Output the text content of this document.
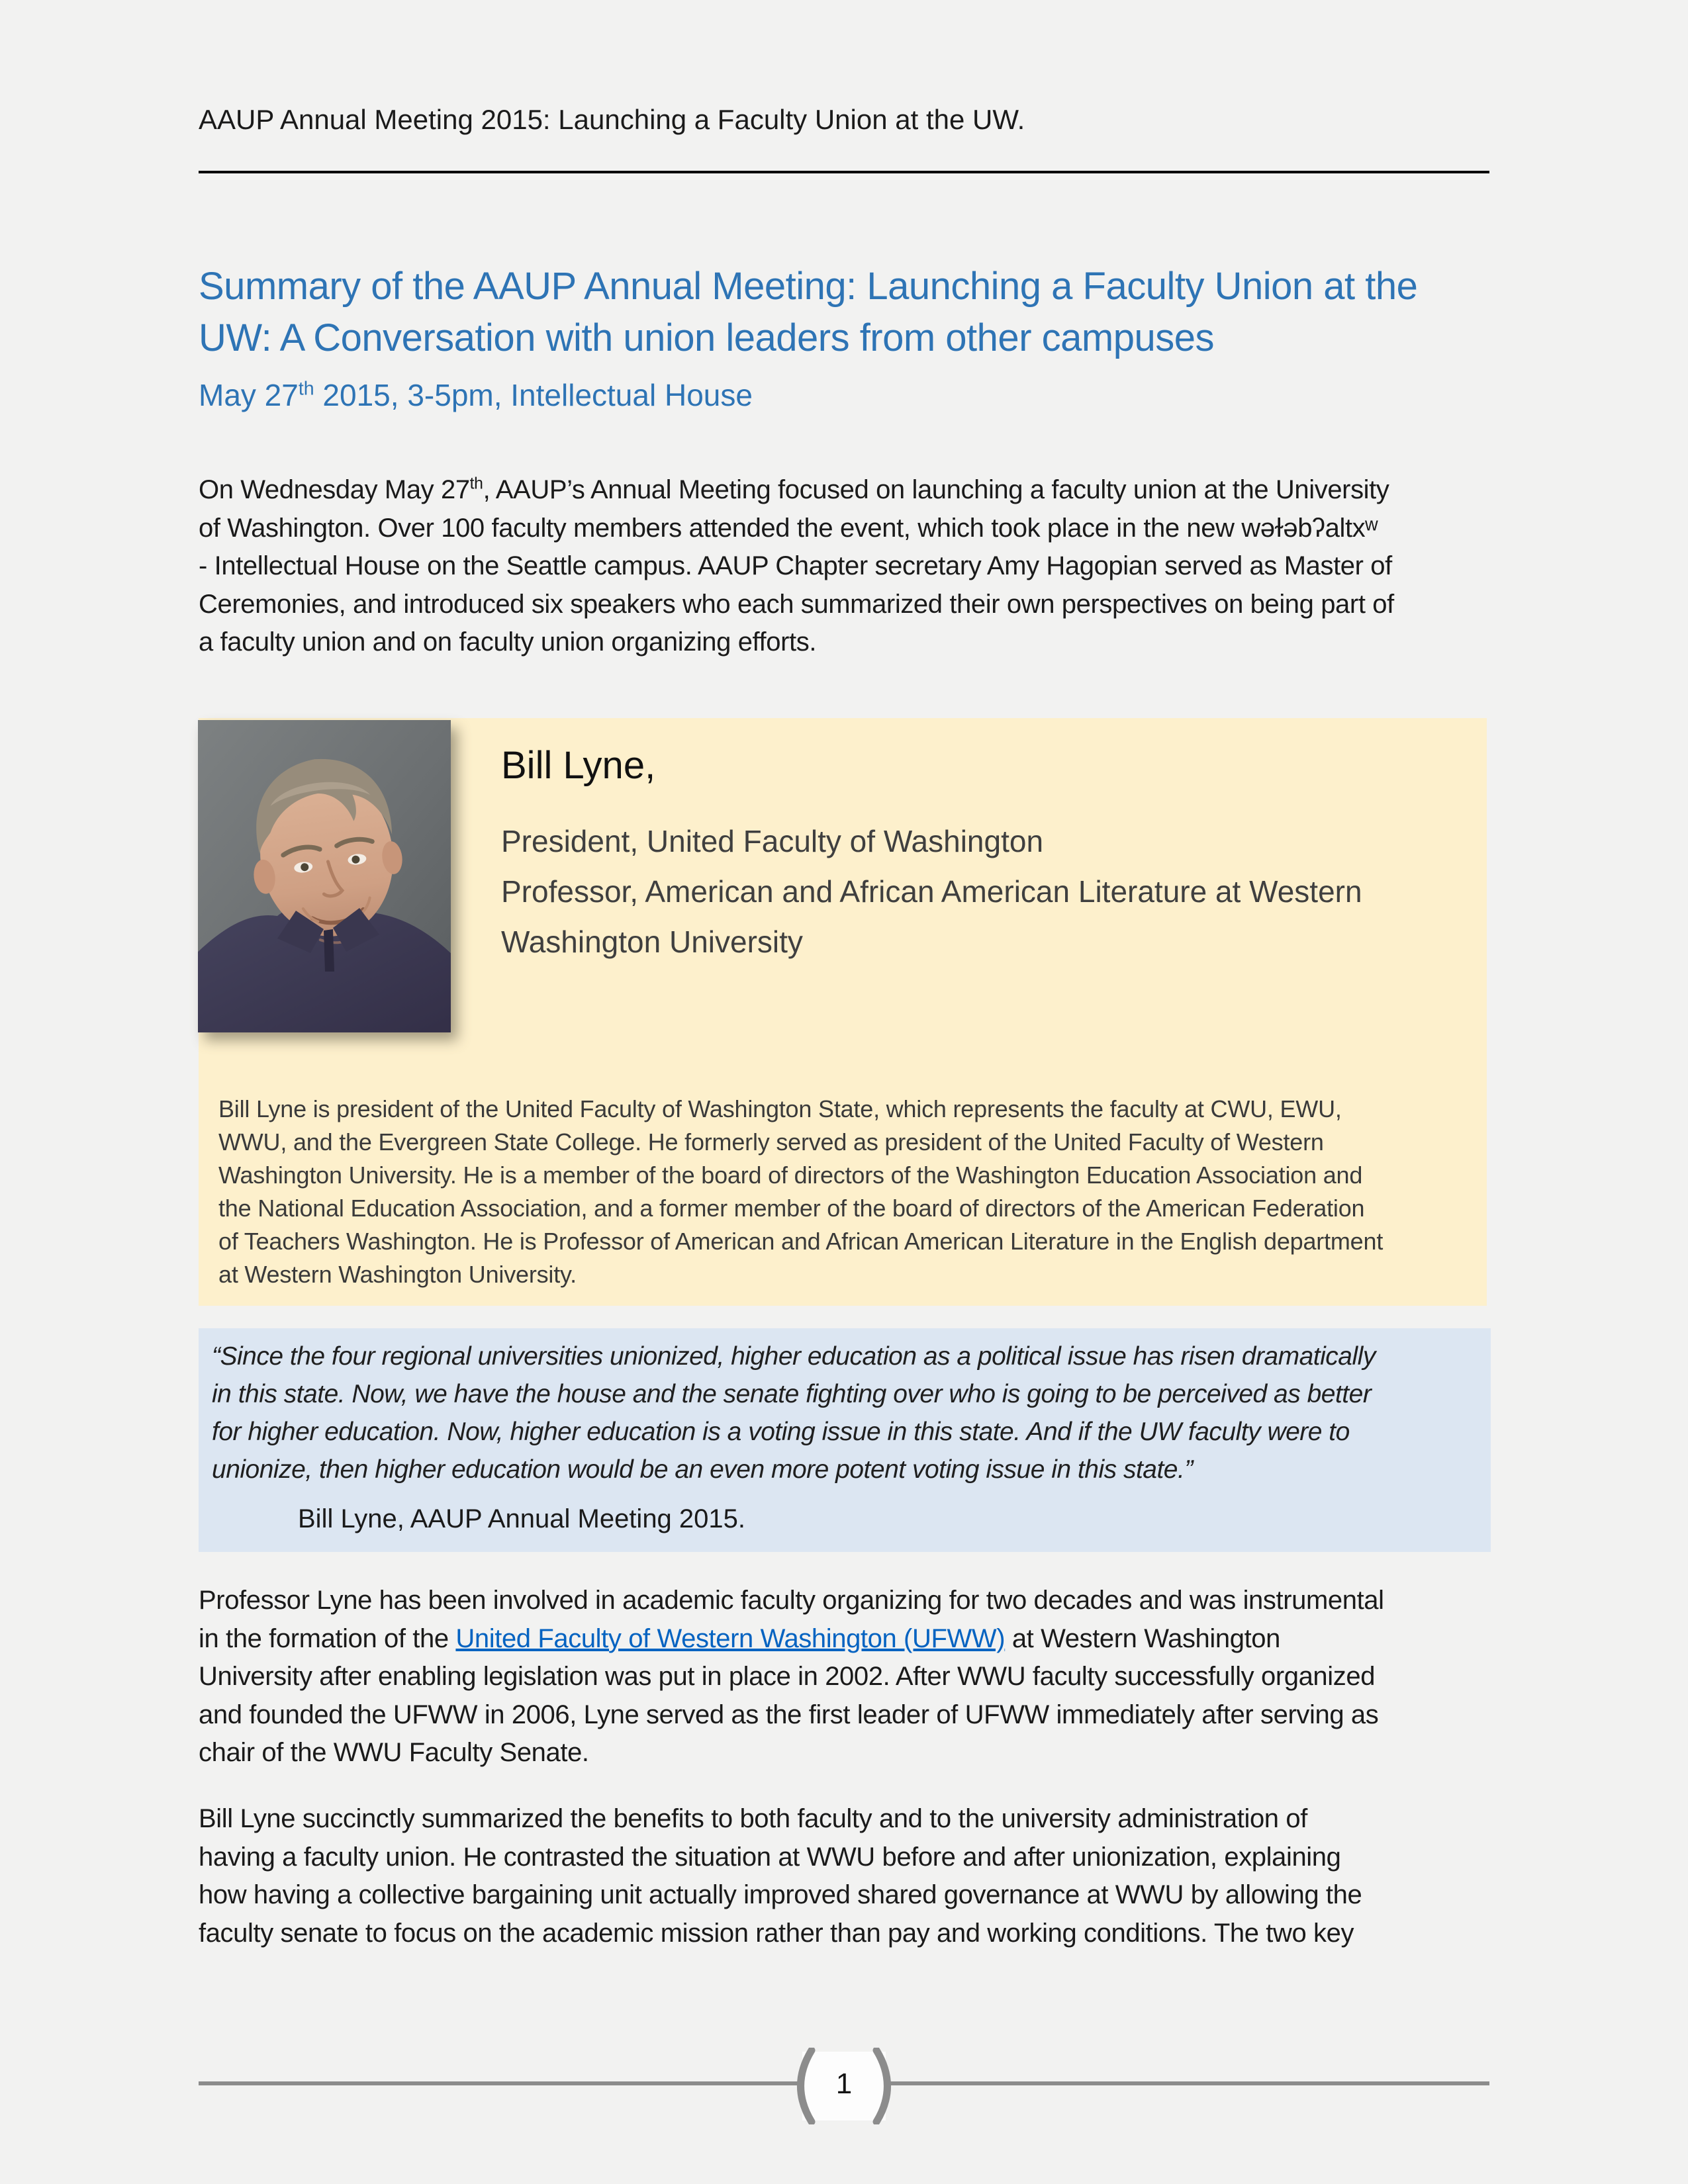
AAUP Annual Meeting 2015: Launching a Faculty Union at the UW.
Summary of the AAUP Annual Meeting: Launching a Faculty Union at the
UW: A Conversation with union leaders from other campuses
May 27th 2015, 3-5pm, Intellectual House
On Wednesday May 27th, AAUP’s Annual Meeting focused on launching a faculty union at the University
of Washington. Over 100 faculty members attended the event, which took place in the new wəɫəbʔaltxʷ
- Intellectual House on the Seattle campus. AAUP Chapter secretary Amy Hagopian served as Master of
Ceremonies, and introduced six speakers who each summarized their own perspectives on being part of
a faculty union and on faculty union organizing efforts.
Bill Lyne,
President, United Faculty of Washington
Professor, American and African American Literature at Western
Washington University
Bill Lyne is president of the United Faculty of Washington State, which represents the faculty at CWU, EWU,
WWU, and the Evergreen State College. He formerly served as president of the United Faculty of Western
Washington University. He is a member of the board of directors of the Washington Education Association and
the National Education Association, and a former member of the board of directors of the American Federation
of Teachers Washington. He is Professor of American and African American Literature in the English department
at Western Washington University.
“Since the four regional universities unionized, higher education as a political issue has risen dramatically
in this state. Now, we have the house and the senate fighting over who is going to be perceived as better
for higher education. Now, higher education is a voting issue in this state. And if the UW faculty were to
unionize, then higher education would be an even more potent voting issue in this state.”
Bill Lyne, AAUP Annual Meeting 2015.
Professor Lyne has been involved in academic faculty organizing for two decades and was instrumental
in the formation of the United Faculty of Western Washington (UFWW) at Western Washington
University after enabling legislation was put in place in 2002. After WWU faculty successfully organized
and founded the UFWW in 2006, Lyne served as the first leader of UFWW immediately after serving as
chair of the WWU Faculty Senate.
Bill Lyne succinctly summarized the benefits to both faculty and to the university administration of
having a faculty union. He contrasted the situation at WWU before and after unionization, explaining
how having a collective bargaining unit actually improved shared governance at WWU by allowing the
faculty senate to focus on the academic mission rather than pay and working conditions. The two key
1
